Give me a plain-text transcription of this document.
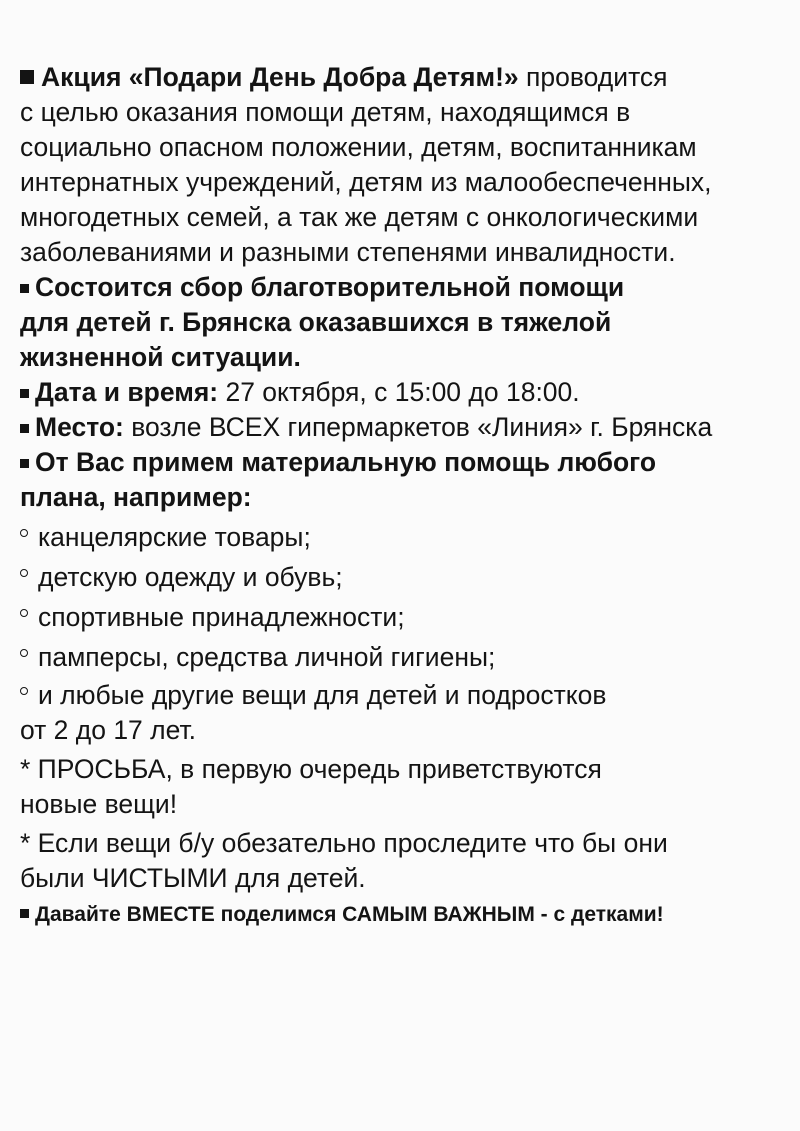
Акция «Подари День Добра Детям!» проводится
с целью оказания помощи детям, находящимся в
социально опасном положении, детям, воспитанникам
интернатных учреждений, детям из малообеспеченных,
многодетных семей, а так же детям с онкологическими
заболеваниями и разными степенями инвалидности.

Состоится сбор благотворительной помощи
для детей г. Брянска оказавшихся в тяжелой
жизненной ситуации.

Дата и время: 27 октября, с 15:00 до 18:00.

Место: возле ВСЕХ гипермаркетов «Линия» г. Брянска

От Вас примем материальную помощь любого
плана, например:

канцелярские товары;

детскую одежду и обувь;

спортивные принадлежности;

памперсы, средства личной гигиены;

и любые другие вещи для детей и подростков

от 2 до 17 лет.

* ПРОСЬБА, в первую очередь приветствуются
новые вещи!

* Если вещи б/у обезательно проследите что бы они
были ЧИСТЫМИ для детей.

Давайте ВМЕСТЕ поделимся САМЫМ ВАЖНЫМ - с детками!
